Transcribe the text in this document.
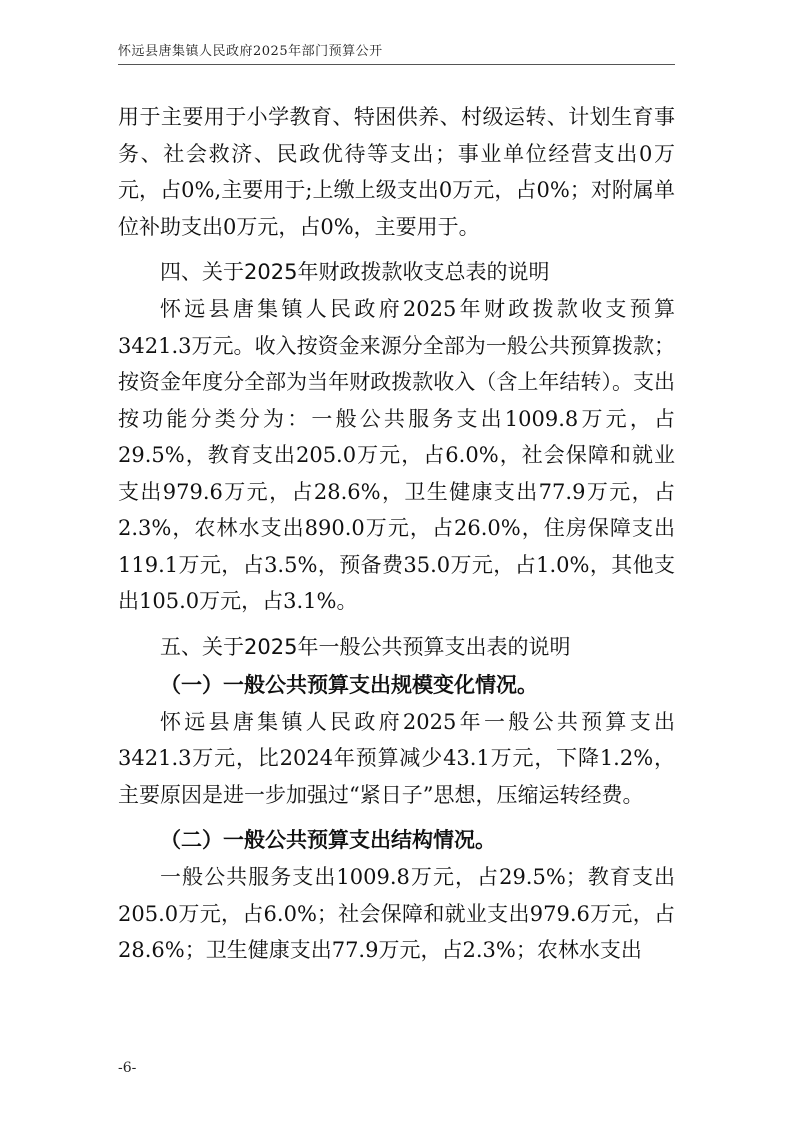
怀远县唐集镇人民政府2025年部门预算公开

用于主要用于小学教育、特困供养、村级运转、计划生育事务、社会救济、民政优待等支出；事业单位经营支出0万元，占0%,主要用于;上缴上级支出0万元，占0%；对附属单位补助支出0万元，占0%，主要用于。

四、关于2025年财政拨款收支总表的说明

怀远县唐集镇人民政府2025年财政拨款收支预算3421.3万元。收入按资金来源分全部为一般公共预算拨款；按资金年度分全部为当年财政拨款收入（含上年结转）。支出按功能分类分为：一般公共服务支出1009.8万元，占29.5%，教育支出205.0万元，占6.0%，社会保障和就业支出979.6万元，占28.6%，卫生健康支出77.9万元，占2.3%，农林水支出890.0万元，占26.0%，住房保障支出119.1万元，占3.5%，预备费35.0万元，占1.0%，其他支出105.0万元，占3.1%。

五、关于2025年一般公共预算支出表的说明
（一）一般公共预算支出规模变化情况。

怀远县唐集镇人民政府2025年一般公共预算支出3421.3万元，比2024年预算减少43.1万元，下降1.2%，主要原因是进一步加强过“紧日子”思想，压缩运转经费。

（二）一般公共预算支出结构情况。

一般公共服务支出1009.8万元，占29.5%；教育支出205.0万元，占6.0%；社会保障和就业支出979.6万元，占28.6%；卫生健康支出77.9万元，占2.3%；农林水支出

-6-
